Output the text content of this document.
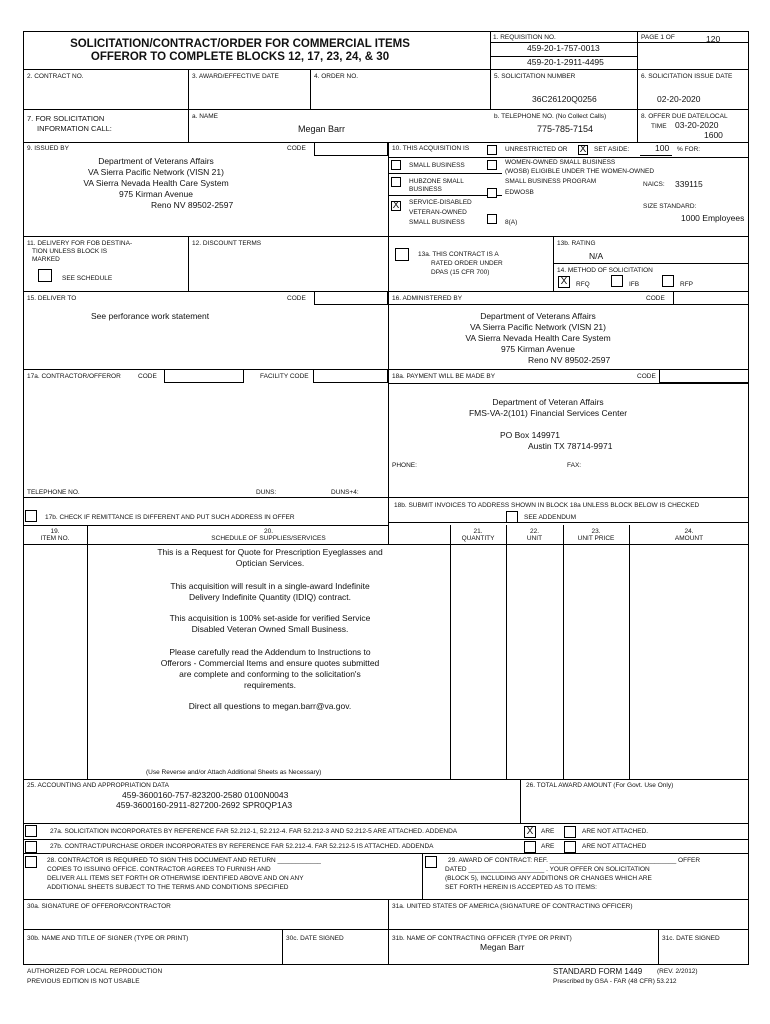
SOLICITATION/CONTRACT/ORDER FOR COMMERCIAL ITEMS
OFFEROR TO COMPLETE BLOCKS 12, 17, 23, 24, & 30
1. REQUISITION NO.
459-20-1-757-0013
459-20-1-2911-4495
PAGE 1 OF	120
2. CONTRACT NO.	3. AWARD/EFFECTIVE DATE	4. ORDER NO.	5. SOLICITATION NUMBER
36C26120Q0256
6. SOLICITATION ISSUE DATE
02-20-2020
7. FOR SOLICITATION
INFORMATION CALL:
a. NAME
Megan Barr
b. TELEPHONE NO. (No Collect Calls)
775-785-7154
8. OFFER DUE DATE/LOCAL
TIME 03-20-2020
1600
9. ISSUED BY	CODE
Department of Veterans Affairs
VA Sierra Pacific Network (VISN 21)
VA Sierra Nevada Health Care System
975 Kirman Avenue
Reno NV 89502-2597
10. THIS ACQUISITION IS	UNRESTRICTED OR X SET ASIDE:	100 % FOR:
SMALL BUSINESS
HUBZONE SMALL
BUSINESS
X SERVICE-DISABLED
VETERAN-OWNED
SMALL BUSINESS
WOMEN-OWNED SMALL BUSINESS
(WOSB) ELIGIBLE UNDER THE WOMEN-OWNED
SMALL BUSINESS PROGRAM
EDWOSB
8(A)
NAICS: 339115
SIZE STANDARD:
1000 Employees
11. DELIVERY FOR FOB DESTINA-
TION UNLESS BLOCK IS
MARKED
SEE SCHEDULE
12. DISCOUNT TERMS
13a. THIS CONTRACT IS A
RATED ORDER UNDER
DPAS (15 CFR 700)
13b. RATING
N/A
14. METHOD OF SOLICITATION
X	RFQ	IFB	RFP
15. DELIVER TO	CODE
See perforance work statement
16. ADMINISTERED BY	CODE
Department of Veterans Affairs
VA Sierra Pacific Network (VISN 21)
VA Sierra Nevada Health Care System
975 Kirman Avenue
Reno NV 89502-2597
17a. CONTRACTOR/OFFEROR	CODE	FACILITY CODE
TELEPHONE NO.	DUNS:	DUNS+4:
17b. CHECK IF REMITTANCE IS DIFFERENT AND PUT SUCH ADDRESS IN OFFER
18a. PAYMENT WILL BE MADE BY	CODE
Department of Veteran Affairs
FMS-VA-2(101) Financial Services Center
PO Box 149971
Austin TX 78714-9971
PHONE:	FAX:
18b. SUBMIT INVOICES TO ADDRESS SHOWN IN BLOCK 18a UNLESS BLOCK BELOW IS CHECKED
SEE ADDENDUM
19.
ITEM NO.
20.
SCHEDULE OF SUPPLIES/SERVICES
21.
QUANTITY
22.
UNIT
23.
UNIT PRICE
24.
AMOUNT
This is a Request for Quote for Prescription Eyeglasses and
Optician Services.
This acquisition will result in a single-award Indefinite
Delivery Indefinite Quantity (IDIQ) contract.
This acquisition is 100% set-aside for verified Service
Disabled Veteran Owned Small Business.
Please carefully read the Addendum to Instructions to
Offerors - Commercial Items and ensure quotes submitted
are complete and conforming to the solicitation's
requirements.
Direct all questions to megan.barr@va.gov.
(Use Reverse and/or Attach Additional Sheets as Necessary)
25. ACCOUNTING AND APPROPRIATION DATA
459-3600160-757-823200-2580 0100N0043
459-3600160-2911-827200-2692 SPR0QP1A3
26. TOTAL AWARD AMOUNT (For Govt. Use Only)
27a. SOLICITATION INCORPORATES BY REFERENCE FAR 52.212-1, 52.212-4. FAR 52.212-3 AND 52.212-5 ARE ATTACHED. ADDENDA	X	ARE	ARE NOT ATTACHED.
27b. CONTRACT/PURCHASE ORDER INCORPORATES BY REFERENCE FAR 52.212-4. FAR 52.212-5 IS ATTACHED. ADDENDA	ARE	ARE NOT ATTACHED
28. CONTRACTOR IS REQUIRED TO SIGN THIS DOCUMENT AND RETURN ____________
COPIES TO ISSUING OFFICE. CONTRACTOR AGREES TO FURNISH AND
DELIVER ALL ITEMS SET FORTH OR OTHERWISE IDENTIFIED ABOVE AND ON ANY
ADDITIONAL SHEETS SUBJECT TO THE TERMS AND CONDITIONS SPECIFIED
29. AWARD OF CONTRACT: REF. ___________________________________ OFFER
DATED _____________________ . YOUR OFFER ON SOLICITATION
(BLOCK 5), INCLUDING ANY ADDITIONS OR CHANGES WHICH ARE
SET FORTH HEREIN IS ACCEPTED AS TO ITEMS:
30a. SIGNATURE OF OFFEROR/CONTRACTOR	31a. UNITED STATES OF AMERICA (SIGNATURE OF CONTRACTING OFFICER)
30b. NAME AND TITLE OF SIGNER (TYPE OR PRINT)	30c. DATE SIGNED	31b. NAME OF CONTRACTING OFFICER (TYPE OR PRINT)
Megan Barr
31c. DATE SIGNED
AUTHORIZED FOR LOCAL REPRODUCTION
PREVIOUS EDITION IS NOT USABLE
STANDARD FORM 1449 (REV. 2/2012)
Prescribed by GSA - FAR (48 CFR) 53.212
